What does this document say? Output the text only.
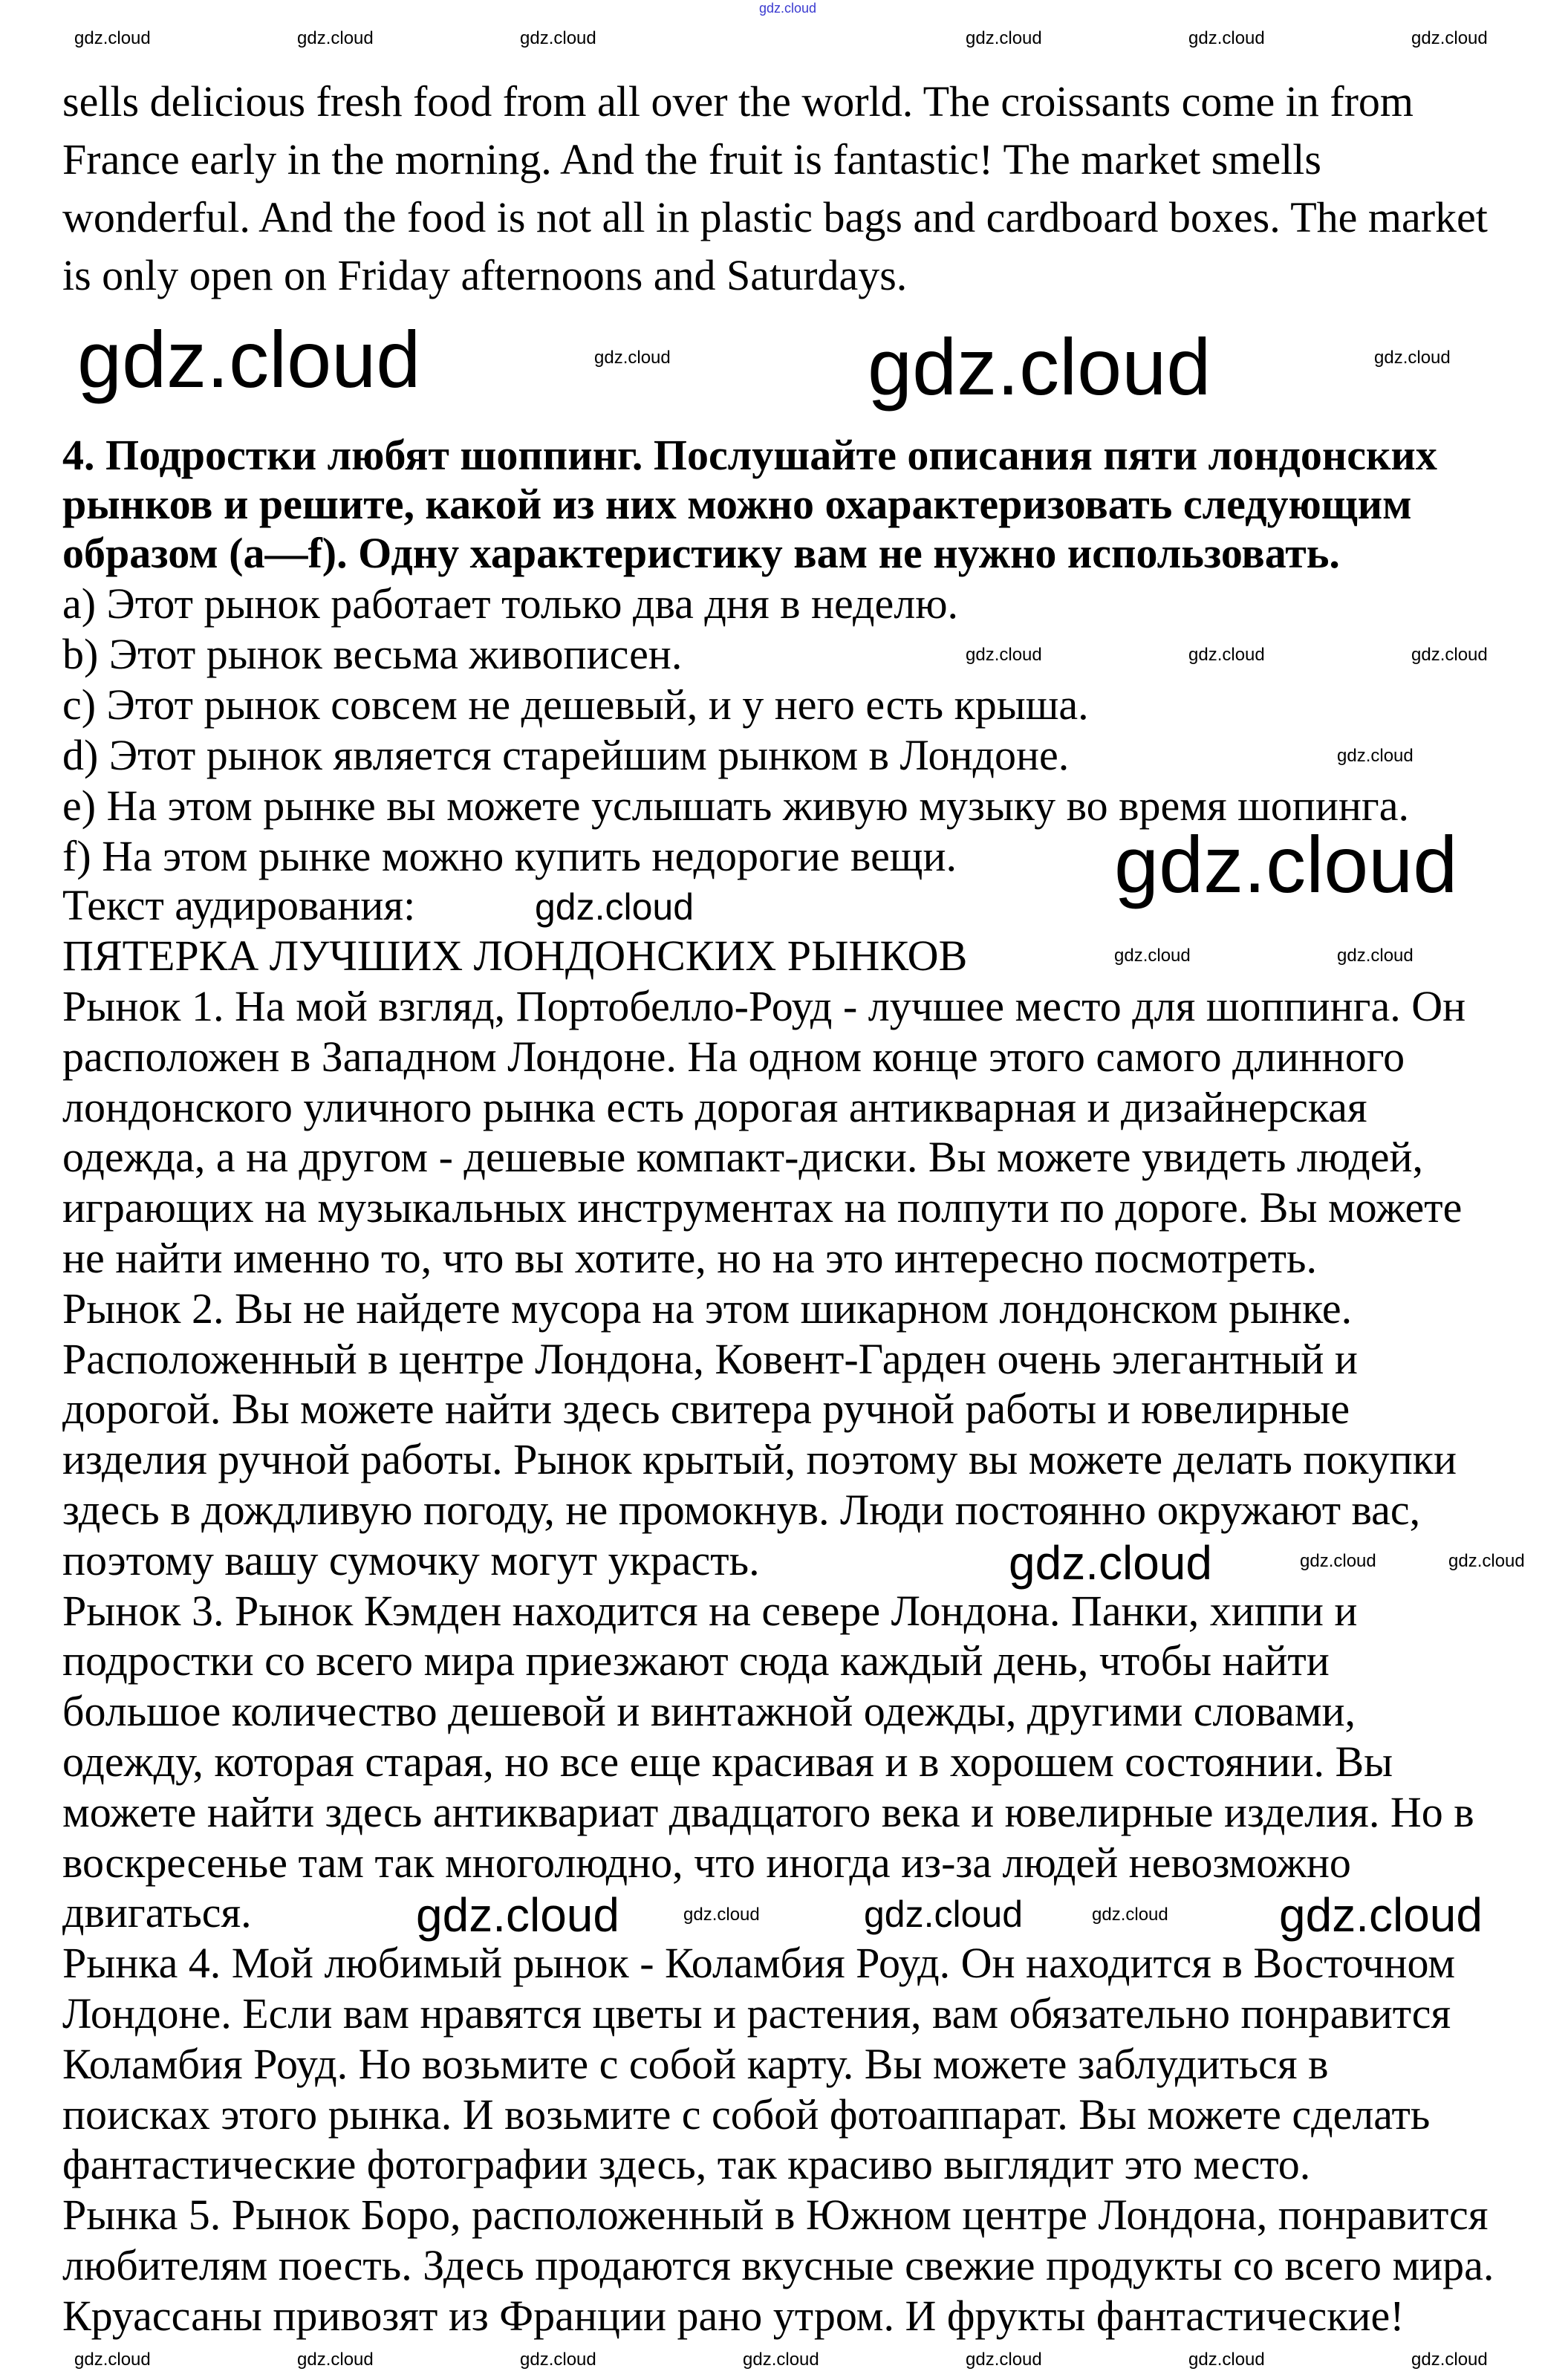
sells delicious fresh food from all over the world. The croissants come in from
France early in the morning. And the fruit is fantastic! The market smells
wonderful. And the food is not all in plastic bags and cardboard boxes. The market
is only open on Friday afternoons and Saturdays.
4. Подростки любят шоппинг. Послушайте описания пяти лондонских
рынков и решите, какой из них можно охарактеризовать следующим
образом (a—f). Одну характеристику вам не нужно использовать.
a) Этот рынок работает только два дня в неделю.
b) Этот рынок весьма живописен.
c) Этот рынок совсем не дешевый, и у него есть крыша.
d) Этот рынок является старейшим рынком в Лондоне.
e) На этом рынке вы можете услышать живую музыку во время шопинга.
f) На этом рынке можно купить недорогие вещи.
Текст аудирования:
ПЯТЕРКА ЛУЧШИХ ЛОНДОНСКИХ РЫНКОВ
Рынок 1. На мой взгляд, Портобелло-Роуд - лучшее место для шоппинга. Он
расположен в Западном Лондоне. На одном конце этого самого длинного
лондонского уличного рынка есть дорогая антикварная и дизайнерская
одежда, а на другом - дешевые компакт-диски. Вы можете увидеть людей,
играющих на музыкальных инструментах на полпути по дороге. Вы можете
не найти именно то, что вы хотите, но на это интересно посмотреть.
Рынок 2. Вы не найдете мусора на этом шикарном лондонском рынке.
Расположенный в центре Лондона, Ковент-Гарден очень элегантный и
дорогой. Вы можете найти здесь свитера ручной работы и ювелирные
изделия ручной работы. Рынок крытый, поэтому вы можете делать покупки
здесь в дождливую погоду, не промокнув. Люди постоянно окружают вас,
поэтому вашу сумочку могут украсть.
Рынок 3. Рынок Кэмден находится на севере Лондона. Панки, хиппи и
подростки со всего мира приезжают сюда каждый день, чтобы найти
большое количество дешевой и винтажной одежды, другими словами,
одежду, которая старая, но все еще красивая и в хорошем состоянии. Вы
можете найти здесь антиквариат двадцатого века и ювелирные изделия. Но в
воскресенье там так многолюдно, что иногда из-за людей невозможно
двигаться.
Рынка 4. Мой любимый рынок - Коламбия Роуд. Он находится в Восточном
Лондоне. Если вам нравятся цветы и растения, вам обязательно понравится
Коламбия Роуд. Но возьмите с собой карту. Вы можете заблудиться в
поисках этого рынка. И возьмите с собой фотоаппарат. Вы можете сделать
фантастические фотографии здесь, так красиво выглядит это место.
Рынка 5. Рынок Боро, расположенный в Южном центре Лондона, понравится
любителям поесть. Здесь продаются вкусные свежие продукты со всего мира.
Круассаны привозят из Франции рано утром. И фрукты фантастические!
gdz.cloud
gdz.cloud	gdz.cloud
gdz.cloud
gdz.cloud
gdz.cloud
gdz.cloud	gdz.cloud	gdz.cloud
gdz.cloud	gdz.cloud	gdz.cloud	gdz.cloud	gdz.cloud	gdz.cloud
gdz.cloud	gdz.cloud
gdz.cloud	gdz.cloud	gdz.cloud
gdz.cloud
gdz.cloud	gdz.cloud
gdz.cloud	gdz.cloud
gdz.cloud	gdz.cloud
gdz.cloud	gdz.cloud	gdz.cloud	gdz.cloud	gdz.cloud	gdz.cloud	gdz.cloud
